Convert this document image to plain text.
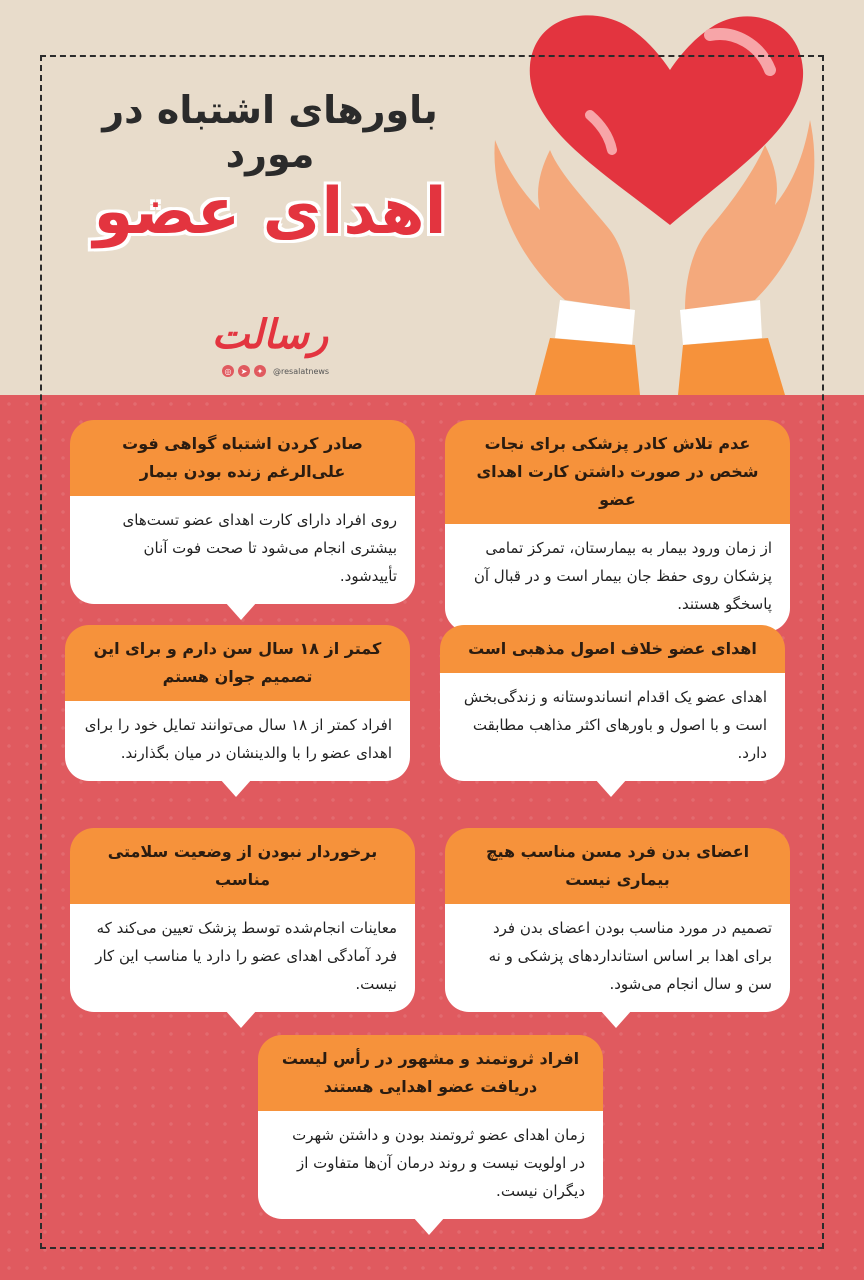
باورهای اشتباه در مورد
اهدای عضو
رسالت
◎	➤	✦	@resalatnews
عدم تلاش کادر پزشکی برای نجات شخص در صورت داشتن کارت اهدای عضو
از زمان ورود بیمار به بیمارستان، تمرکز تمامی پزشکان روی حفظ جان بیمار است و در قبال آن پاسخگو هستند.
صادر کردن اشتباه گواهی فوت علی‌الرغم زنده بودن بیمار
روی افراد دارای کارت اهدای عضو تست‌های بیشتری انجام می‌شود تا صحت فوت آنان تأییدشود.
اهدای عضو خلاف اصول مذهبی است
اهدای عضو یک اقدام انساندوستانه و زندگی‌بخش است و با اصول و باورهای اکثر مذاهب مطابقت دارد.
کمتر از ۱۸ سال سن دارم و برای این تصمیم جوان هستم
افراد کمتر از ۱۸ سال می‌توانند تمایل خود را برای اهدای عضو را با والدینشان در میان بگذارند.
اعضای بدن فرد مسن مناسب هیچ بیماری نیست
تصمیم در مورد مناسب بودن اعضای بدن فرد برای اهدا بر اساس استانداردهای پزشکی و نه سن و سال انجام می‌شود.
برخوردار نبودن از وضعیت سلامتی مناسب
معاینات انجام‌شده توسط پزشک تعیین می‌کند که فرد آمادگی اهدای عضو را دارد یا مناسب این کار نیست.
افراد ثروتمند و مشهور در رأس لیست دریافت عضو اهدایی هستند
زمان اهدای عضو ثروتمند بودن و داشتن شهرت در اولویت نیست و روند درمان آن‌ها متفاوت از دیگران نیست.
